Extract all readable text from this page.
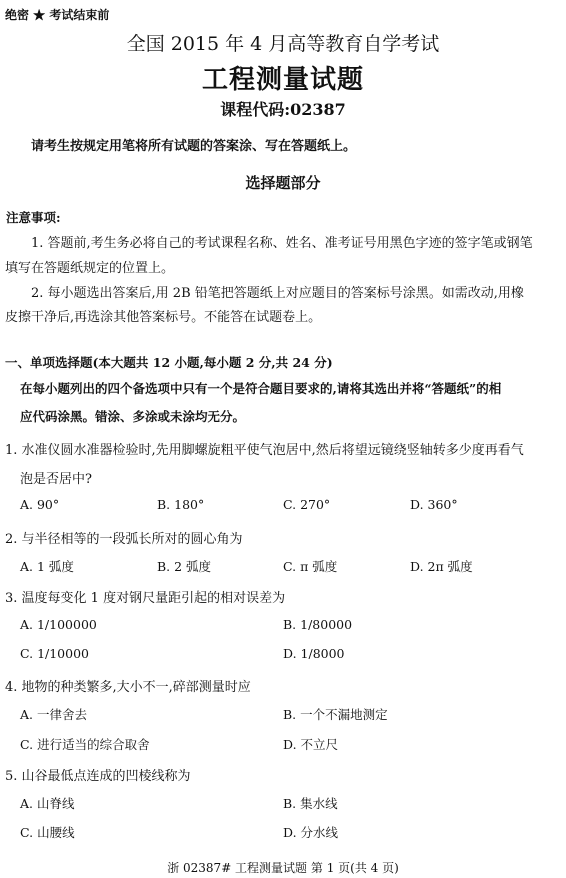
绝密 ★ 考试结束前
全国 2015 年 4 月高等教育自学考试
工程测量试题
课程代码:02387
请考生按规定用笔将所有试题的答案涂、写在答题纸上。
选择题部分
注意事项:
1. 答题前,考生务必将自己的考试课程名称、姓名、准考证号用黑色字迹的签字笔或钢笔
填写在答题纸规定的位置上。
2. 每小题选出答案后,用 2B 铅笔把答题纸上对应题目的答案标号涂黑。如需改动,用橡
皮擦干净后,再选涂其他答案标号。不能答在试题卷上。
一、单项选择题(本大题共 12 小题,每小题 2 分,共 24 分)
在每小题列出的四个备选项中只有一个是符合题目要求的,请将其选出并将“答题纸”的相
应代码涂黑。错涂、多涂或未涂均无分。
1. 水准仪圆水准器检验时,先用脚螺旋粗平使气泡居中,然后将望远镜绕竖轴转多少度再看气
泡是否居中?
A. 90°	B. 180°	C. 270°	D. 360°
2. 与半径相等的一段弧长所对的圆心角为
A. 1 弧度	B. 2 弧度	C. π 弧度	D. 2π 弧度
3. 温度每变化 1 度对钢尺量距引起的相对误差为
A. 1/100000	B. 1/80000
C. 1/10000	D. 1/8000
4. 地物的种类繁多,大小不一,碎部测量时应
A. 一律舍去	B. 一个不漏地测定
C. 进行适当的综合取舍	D. 不立尺
5. 山谷最低点连成的凹棱线称为
A. 山脊线	B. 集水线
C. 山腰线	D. 分水线
浙 02387# 工程测量试题 第 1 页(共 4 页)
